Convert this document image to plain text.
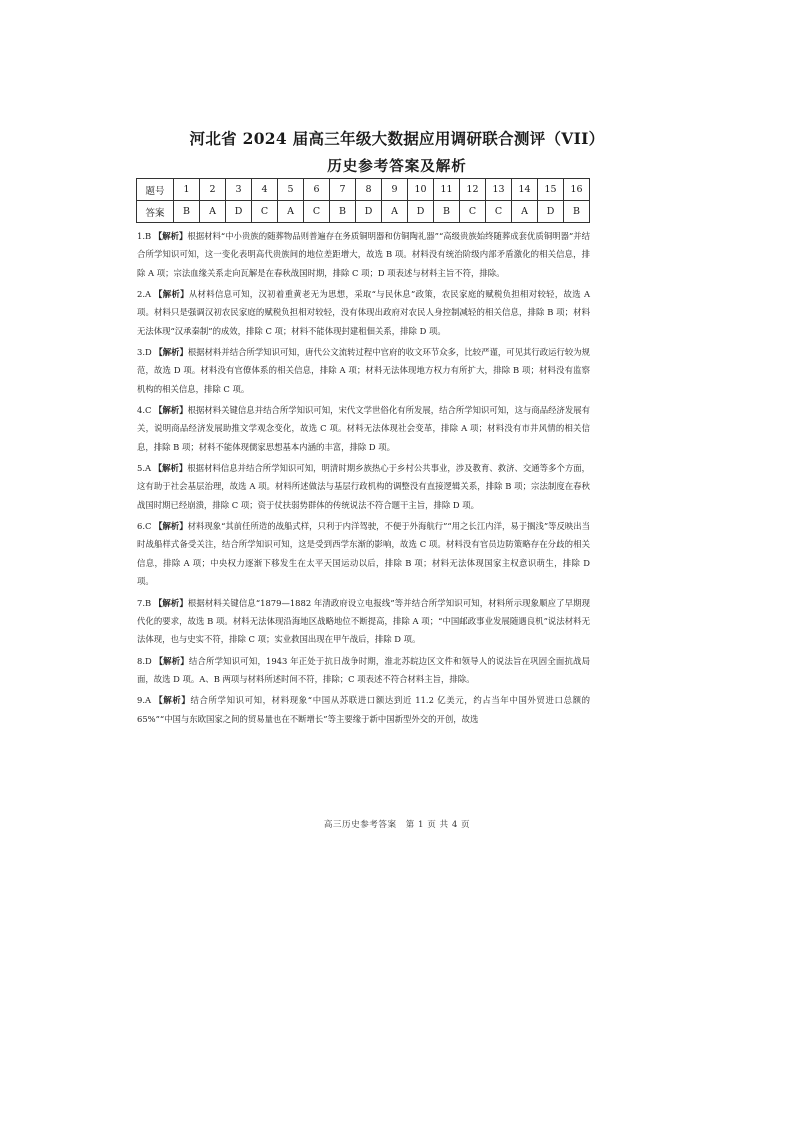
河北省 2024 届高三年级大数据应用调研联合测评（VII）
历史参考答案及解析
题号	1	2	3	4	5	6	7	8	9	10	11	12	13	14	15	16
答案	B	A	D	C	A	C	B	D	A	D	B	C	C	A	D	B

1.B 【解析】根据材料“中小贵族的随葬物品则普遍存在务质铜明器和仿铜陶礼器”“高级贵族始终随葬成套优质铜明器”并结合所学知识可知，这一变化表明高代贵族间的地位差距增大，故选 B 项。材料没有统治阶级内部矛盾激化的相关信息，排除 A 项；宗法血缘关系走向瓦解是在春秋战国时期，排除 C 项；D 项表述与材料主旨不符，排除。

2.A 【解析】从材料信息可知，汉初着重黄老无为思想，采取“与民休息”政策，农民家庭的赋税负担相对较轻，故选 A 项。材料只是强调汉初农民家庭的赋税负担相对较轻，没有体现出政府对农民人身控制减轻的相关信息，排除 B 项；材料无法体现“汉承秦制”的成效，排除 C 项；材料不能体现封建租佃关系，排除 D 项。

3.D 【解析】根据材料并结合所学知识可知，唐代公文流转过程中官府的收文环节众多，比较严谨，可见其行政运行较为规范，故选 D 项。材料没有官僚体系的相关信息，排除 A 项；材料无法体现地方权力有所扩大，排除 B 项；材料没有监察机构的相关信息，排除 C 项。

4.C 【解析】根据材料关键信息并结合所学知识可知，宋代文学世俗化有所发展，结合所学知识可知，这与商品经济发展有关，说明商品经济发展助推文学观念变化，故选 C 项。材料无法体现社会变革，排除 A 项；材料没有市井风情的相关信息，排除 B 项；材料不能体现儒家思想基本内涵的丰富，排除 D 项。

5.A 【解析】根据材料信息并结合所学知识可知，明清时期乡族热心于乡村公共事业，涉及教育、救济、交通等多个方面，这有助于社会基层治理，故选 A 项。材料所述做法与基层行政机构的调整没有直接逻辑关系，排除 B 项；宗法制度在春秋战国时期已经崩溃，排除 C 项；资于仗扶弱势群体的传统说法不符合题干主旨，排除 D 项。

6.C 【解析】材料现象“其前任所造的战船式样，只利于内洋驾驶，不便于外海航行”“用之长江内洋，易于搁浅”等反映出当时战船样式备受关注，结合所学知识可知，这是受到西学东渐的影响，故选 C 项。材料没有官员边防策略存在分歧的相关信息，排除 A 项；中央权力逐渐下移发生在太平天国运动以后，排除 B 项；材料无法体现国家主权意识萌生，排除 D 项。

7.B 【解析】根据材料关键信息“1879—1882 年清政府设立电报线”等并结合所学知识可知，材料所示现象顺应了早期现代化的要求，故选 B 项。材料无法体现沿海地区战略地位不断提高，排除 A 项；“中国邮政事业发展随遇良机”说法材料无法体现，也与史实不符，排除 C 项；实业救国出现在甲午战后，排除 D 项。

8.D 【解析】结合所学知识可知，1943 年正处于抗日战争时期，淮北苏皖边区文件和领导人的说法旨在巩固全面抗战局面，故选 D 项。A、B 两项与材料所述时间不符，排除；C 项表述不符合材料主旨，排除。

9.A 【解析】结合所学知识可知，材料现象“中国从苏联进口额达到近 11.2 亿美元，约占当年中国外贸进口总额的 65%”“中国与东欧国家之间的贸易量也在不断增长”等主要缘于新中国新型外交的开创，故选

高三历史参考答案　第 1 页 共 4 页
